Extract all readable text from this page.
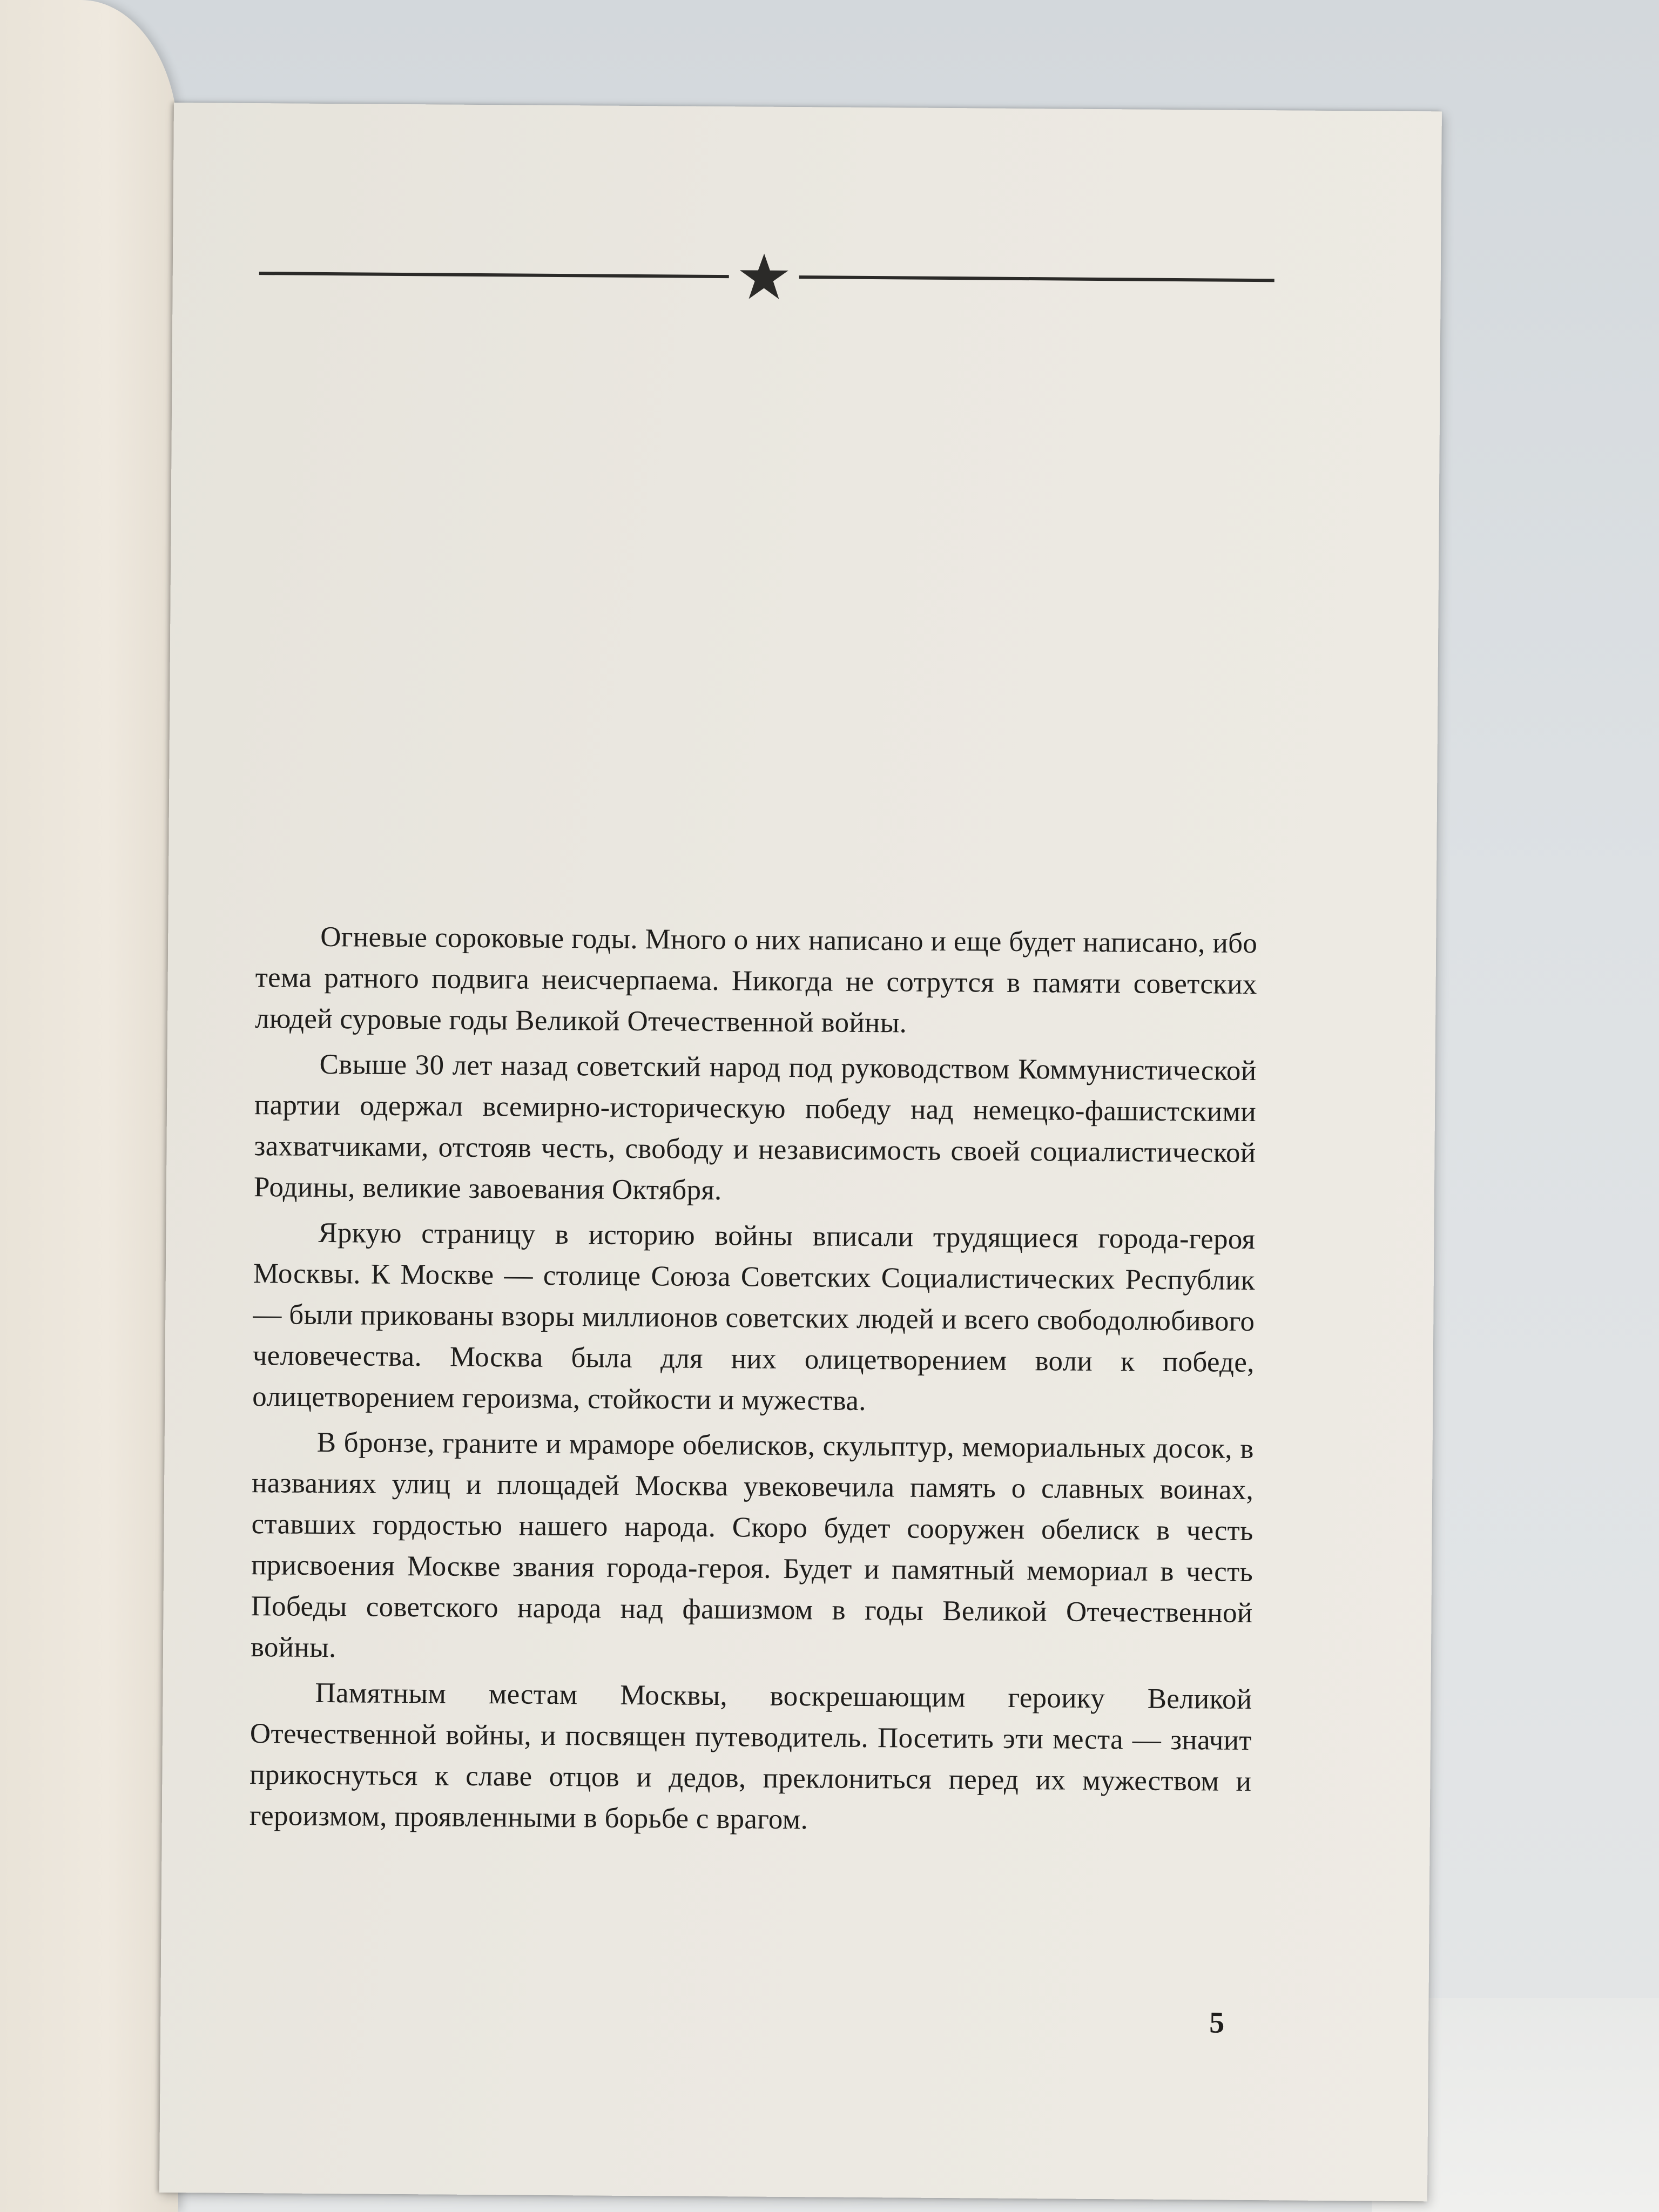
Огневые сороковые годы. Много о них написано и еще будет написано, ибо тема ратного подвига неисчерпаема. Никогда не сотрутся в памяти советских людей суровые годы Великой Отечественной войны.

Свыше 30 лет назад советский народ под руководством Коммунистической партии одержал всемирно-историческую победу над немецко-фашистскими захватчиками, отстояв честь, свободу и независимость своей социалистической Родины, великие завоевания Октября.

Яркую страницу в историю войны вписали трудящиеся города-героя Москвы. К Москве — столице Союза Советских Социалистических Республик — были прикованы взоры миллионов советских людей и всего свободолюбивого человечества. Москва была для них олицетворением воли к победе, олицетворением героизма, стойкости и мужества.

В бронзе, граните и мраморе обелисков, скульптур, мемориальных досок, в названиях улиц и площадей Москва увековечила память о славных воинах, ставших гордостью нашего народа. Скоро будет сооружен обелиск в честь присвоения Москве звания города-героя. Будет и памятный мемориал в честь Победы советского народа над фашизмом в годы Великой Отечественной войны.

Памятным местам Москвы, воскрешающим героику Великой Отечественной войны, и посвящен путеводитель. Посетить эти места — значит прикоснуться к славе отцов и дедов, преклониться перед их мужеством и героизмом, проявленными в борьбе с врагом.

5
